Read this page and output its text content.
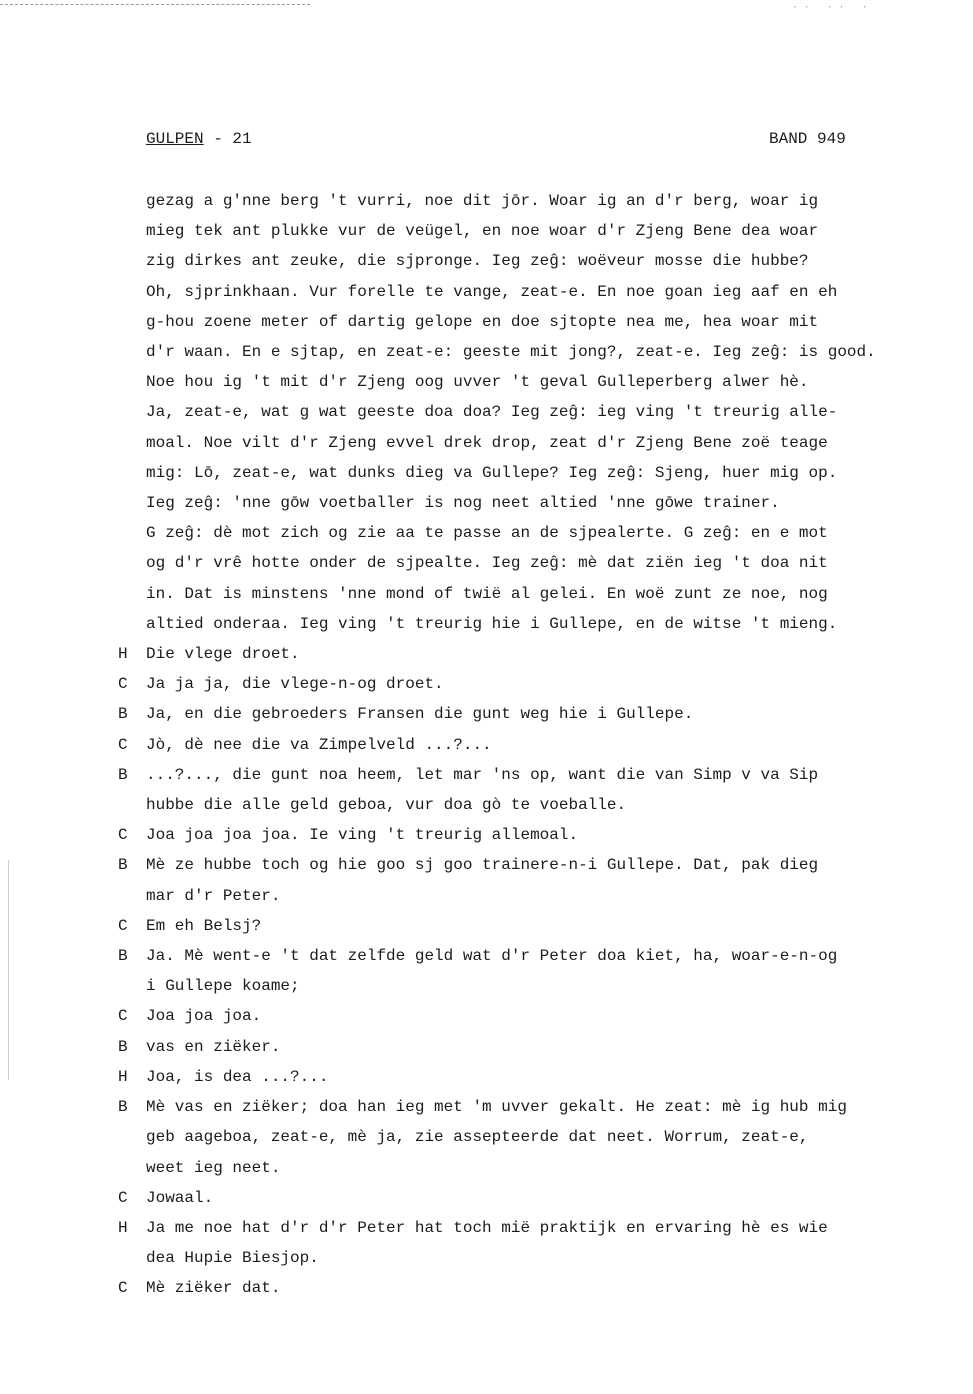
·· ·· ·
GULPEN - 21	BAND 949
gezag a g'nne berg 't vurri, noe dit jōr. Woar ig an d'r berg, woar ig
mieg tek ant plukke vur de veügel, en noe woar d'r Zjeng Bene dea woar
zig dirkes ant zeuke, die sjpronge. Ieg zeĝ: woëveur mosse die hubbe?
Oh, sjprinkhaan. Vur forelle te vange, zeat-e. En noe goan ieg aaf en eh
g-hou zoene meter of dartig gelope en doe sjtopte nea me, hea woar mit
d'r waan. En e sjtap, en zeat-e: geeste mit jong?, zeat-e. Ieg zeĝ: is good.
Noe hou ig 't mit d'r Zjeng oog uvver 't geval Gulleperberg alwer hè.
Ja, zeat-e, wat g wat geeste doa doa? Ieg zeĝ: ieg ving 't treurig alle-
moal. Noe vilt d'r Zjeng evvel drek drop, zeat d'r Zjeng Bene zoë teage
mig: Lō, zeat-e, wat dunks dieg va Gullepe? Ieg zeĝ: Sjeng, huer mig op.
Ieg zeĝ: 'nne gōw voetballer is nog neet altied 'nne gōwe trainer.
G zeĝ: dè mot zich og zie aa te passe an de sjpealerte. G zeĝ: en e mot
og d'r vrê hotte onder de sjpealte. Ieg zeĝ: mè dat ziën ieg 't doa nit
in. Dat is minstens 'nne mond of twië al gelei. En woë zunt ze noe, nog
altied onderaa. Ieg ving 't treurig hie i Gullepe, en de witse 't mieng.
H	Die vlege droet.
C	Ja ja ja, die vlege-n-og droet.
B	Ja, en die gebroeders Fransen die gunt weg hie i Gullepe.
C	Jò, dè nee die va Zimpelveld ...?...
B	...?..., die gunt noa heem, let mar 'ns op, want die van Simp v va Sip
hubbe die alle geld geboa, vur doa gò te voeballe.
C	Joa joa joa joa. Ie ving 't treurig allemoal.
B	Mè ze hubbe toch og hie goo sj goo trainere-n-i Gullepe. Dat, pak dieg
mar d'r Peter.
C	Em eh Belsj?
B	Ja. Mè went-e 't dat zelfde geld wat d'r Peter doa kiet, ha, woar-e-n-og
i Gullepe koame;
C	Joa joa joa.
B	vas en ziëker.
H	Joa, is dea ...?...
B	Mè vas en ziëker; doa han ieg met 'm uvver gekalt. He zeat: mè ig hub mig
geb aageboa, zeat-e, mè ja, zie assepteerde dat neet. Worrum, zeat-e,
weet ieg neet.
C	Jowaal.
H	Ja me noe hat d'r d'r Peter hat toch mië praktijk en ervaring hè es wie
dea Hupie Biesjop.
C	Mè ziëker dat.
